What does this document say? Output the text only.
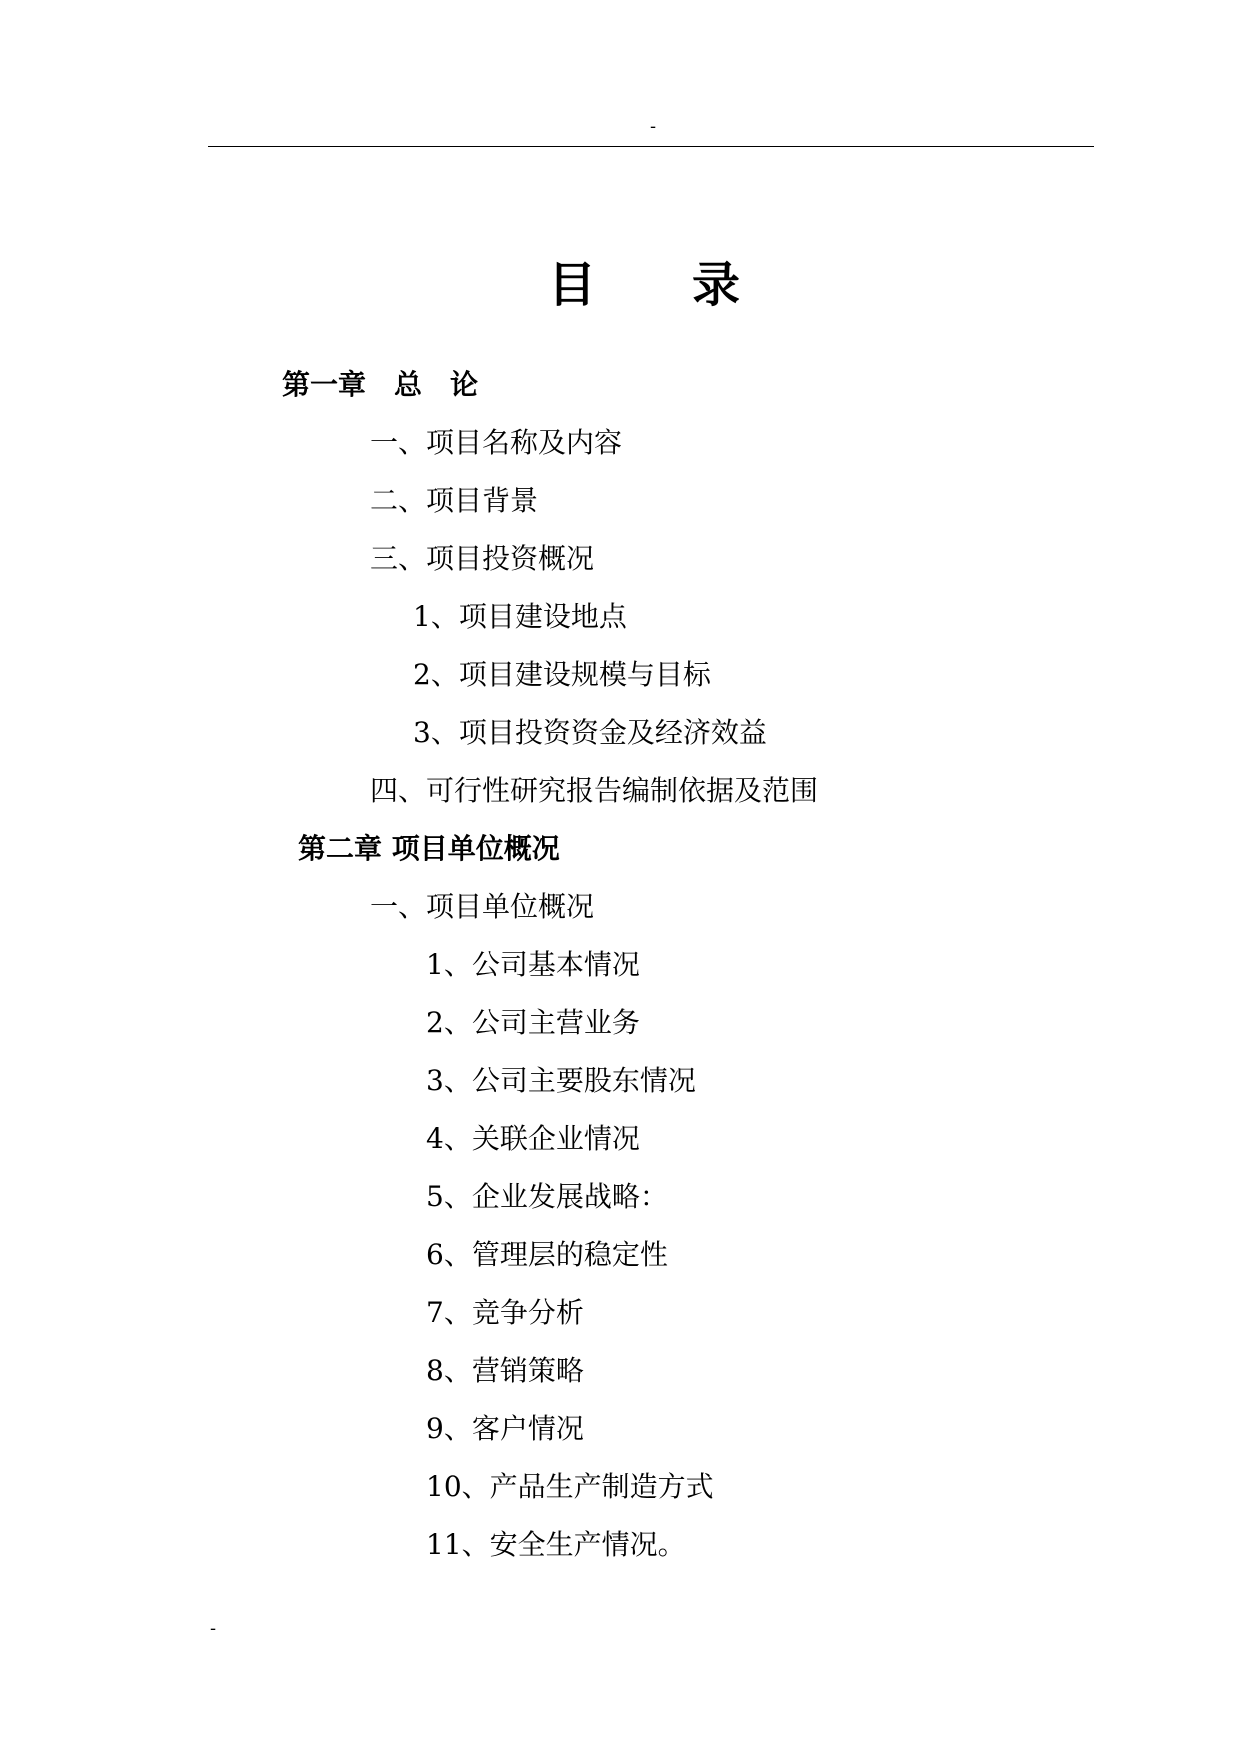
-
目 录
第一章　总　论
一、项目名称及内容
二、项目背景
三、项目投资概况
1、项目建设地点
2、项目建设规模与目标
3、项目投资资金及经济效益
四、可行性研究报告编制依据及范围
第二章 项目单位概况
一、项目单位概况
1、公司基本情况
2、公司主营业务
3、公司主要股东情况
4、关联企业情况
5、企业发展战略：
6、管理层的稳定性
7、竞争分析
8、营销策略
9、客户情况
10、产品生产制造方式
11、安全生产情况。
-
